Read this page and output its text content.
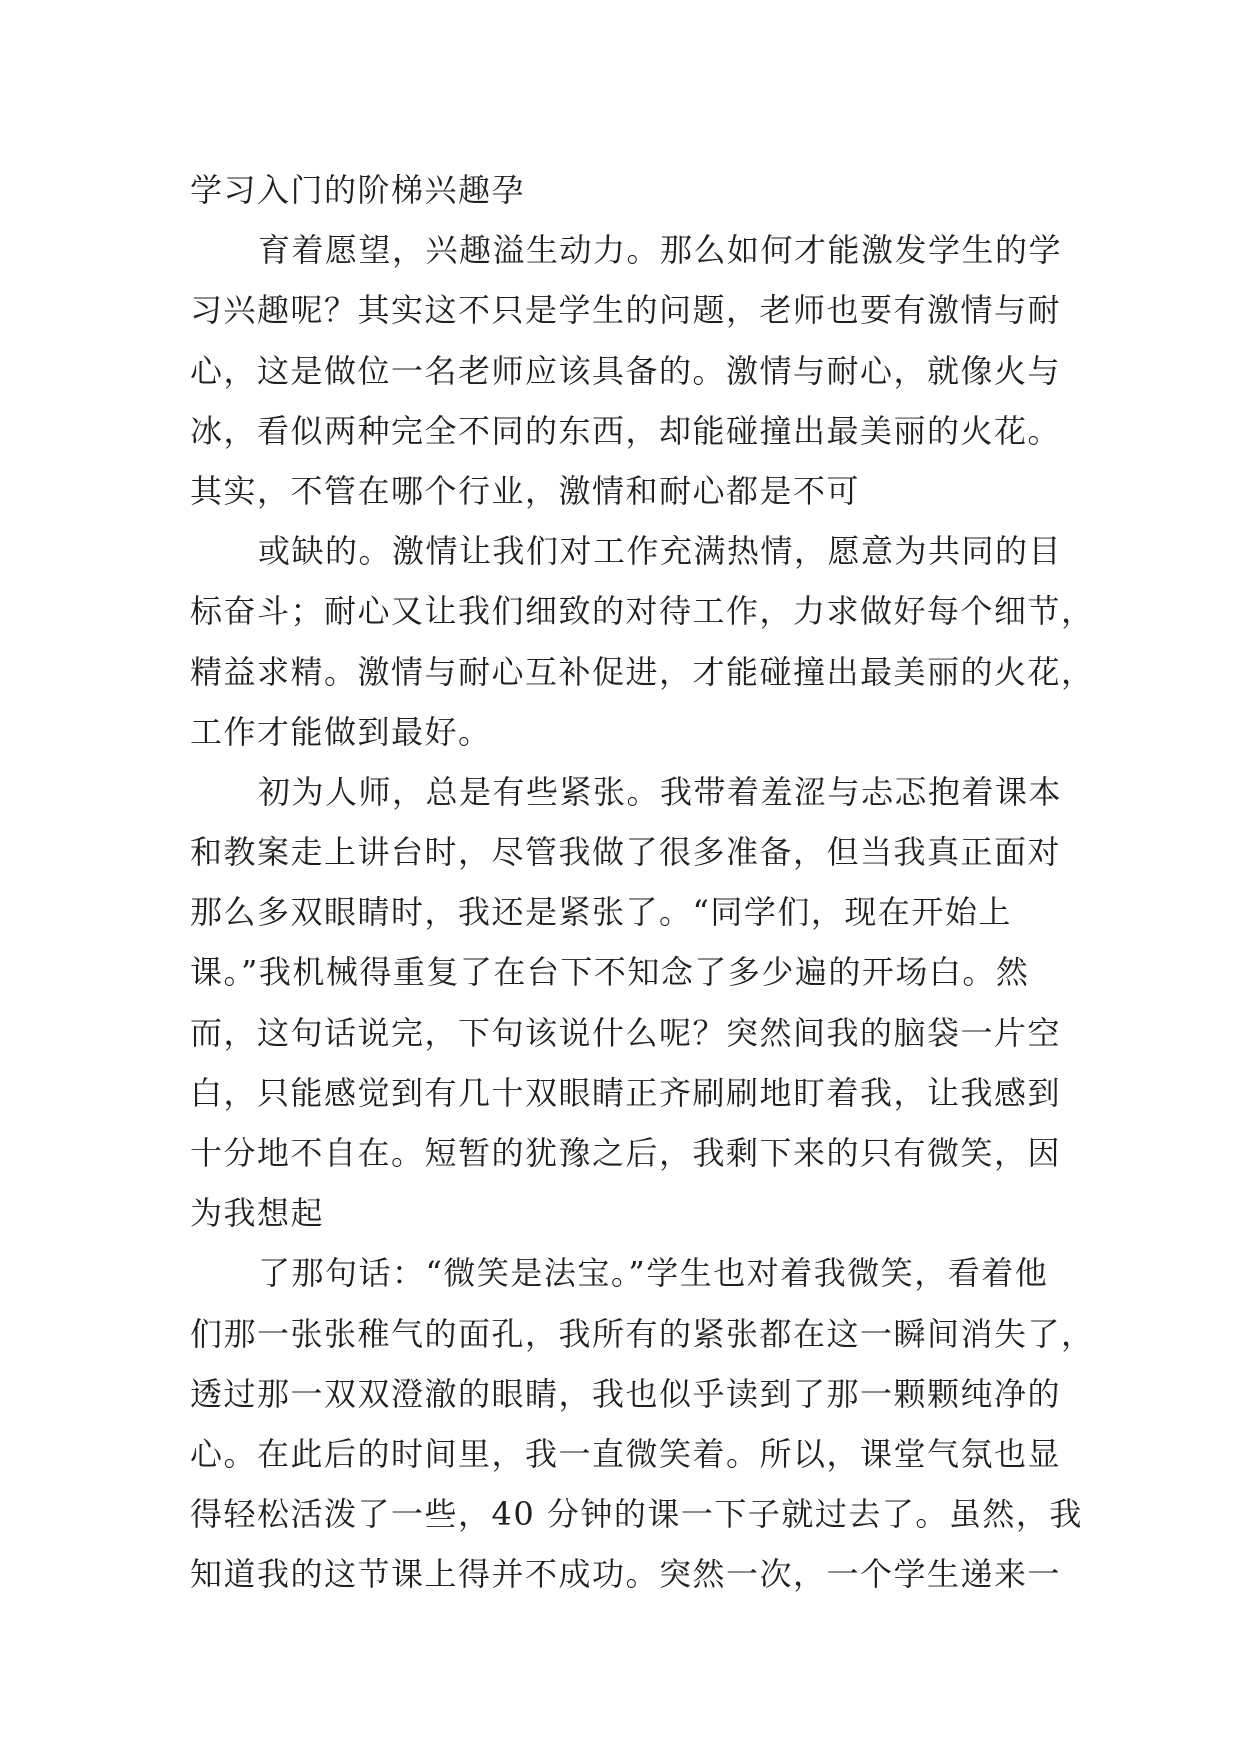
学习入门的阶梯兴趣孕
育着愿望，兴趣溢生动力。那么如何才能激发学生的学
习兴趣呢？其实这不只是学生的问题，老师也要有激情与耐
心，这是做位一名老师应该具备的。激情与耐心，就像火与
冰，看似两种完全不同的东西，却能碰撞出最美丽的火花。
其实，不管在哪个行业，激情和耐心都是不可
或缺的。激情让我们对工作充满热情，愿意为共同的目
标奋斗；耐心又让我们细致的对待工作，力求做好每个细节，
精益求精。激情与耐心互补促进，才能碰撞出最美丽的火花，
工作才能做到最好。
初为人师，总是有些紧张。我带着羞涩与忐忑抱着课本
和教案走上讲台时，尽管我做了很多准备，但当我真正面对
那么多双眼睛时，我还是紧张了。“同学们，现在开始上
课。”我机械得重复了在台下不知念了多少遍的开场白。然
而，这句话说完，下句该说什么呢？突然间我的脑袋一片空
白，只能感觉到有几十双眼睛正齐刷刷地盯着我，让我感到
十分地不自在。短暂的犹豫之后，我剩下来的只有微笑，因
为我想起
了那句话：“微笑是法宝。”学生也对着我微笑，看着他
们那一张张稚气的面孔，我所有的紧张都在这一瞬间消失了，
透过那一双双澄澈的眼睛，我也似乎读到了那一颗颗纯净的
心。在此后的时间里，我一直微笑着。所以，课堂气氛也显
得轻松活泼了一些，40 分钟的课一下子就过去了。虽然，我
知道我的这节课上得并不成功。突然一次，一个学生递来一
